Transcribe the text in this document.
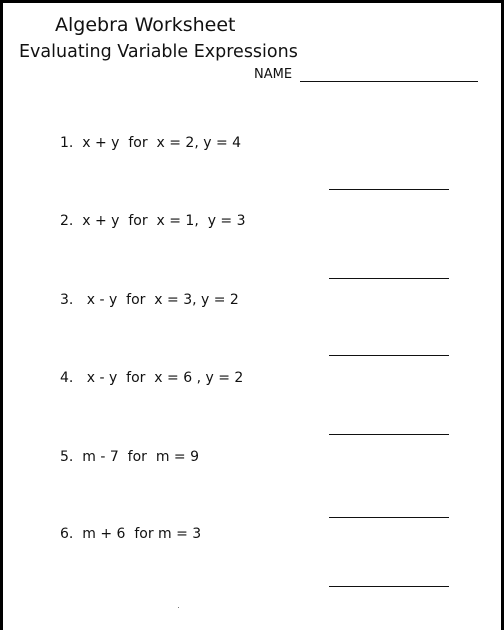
Algebra Worksheet
Evaluating Variable Expressions
NAME
1. x + y  for  x = 2, y = 4
2. x + y  for  x = 1,  y = 3
3. x - y  for  x = 3, y = 2
4. x - y  for  x = 6 , y = 2
5. m - 7  for  m = 9
6. m + 6  for m = 3
